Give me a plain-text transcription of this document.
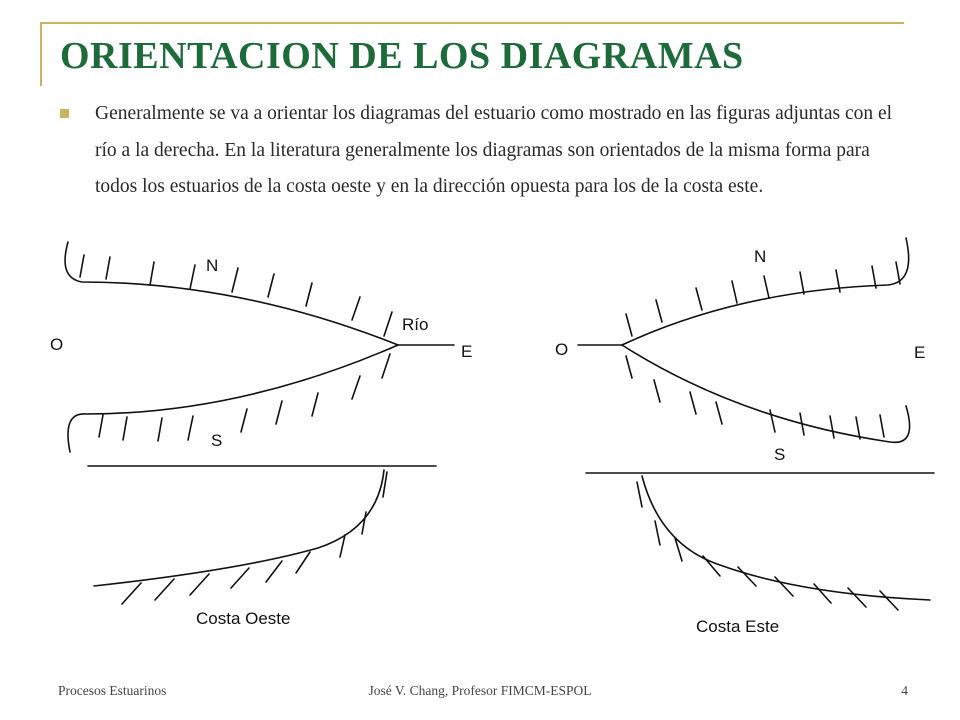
ORIENTACION DE LOS DIAGRAMAS

Generalmente se va a orientar los diagramas del estuario como mostrado en las figuras adjuntas con el río a la derecha. En la literatura generalmente los diagramas son orientados de la misma forma para todos los estuarios de la costa oeste y en la dirección opuesta para los de la costa este.

N
S
O	E
Río
N
S
O	E
Costa Oeste	Costa Este
Procesos Estuarinos	José V. Chang, Profesor FIMCM-ESPOL	4
